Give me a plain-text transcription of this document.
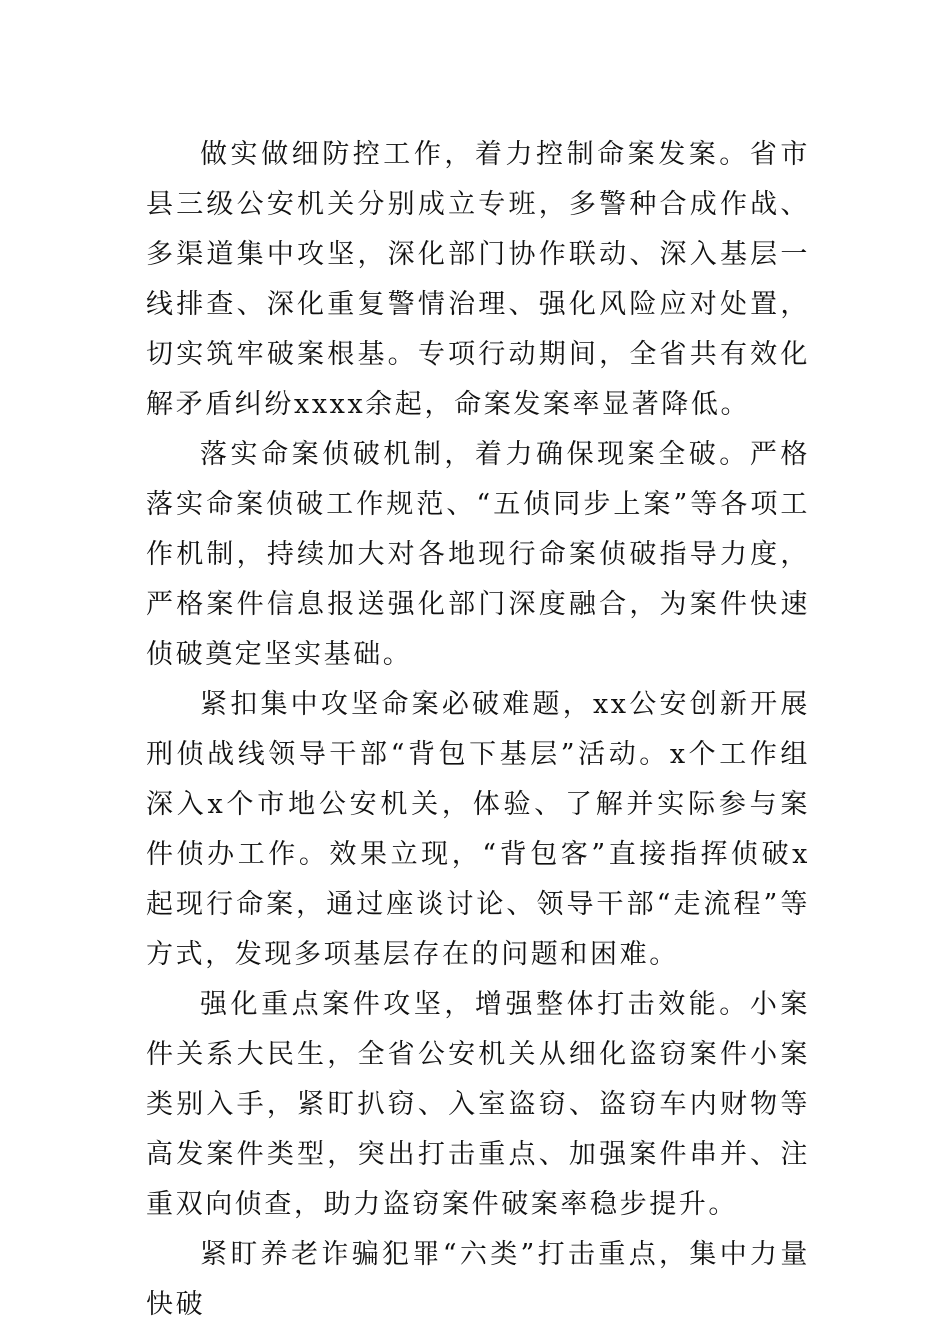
做实做细防控工作，着力控制命案发案。省市县三级公安机关分别成立专班，多警种合成作战、多渠道集中攻坚，深化部门协作联动、深入基层一线排查、深化重复警情治理、强化风险应对处置，切实筑牢破案根基。专项行动期间，全省共有效化解矛盾纠纷xxxx余起，命案发案率显著降低。

落实命案侦破机制，着力确保现案全破。严格落实命案侦破工作规范、“五侦同步上案”等各项工作机制，持续加大对各地现行命案侦破指导力度，严格案件信息报送强化部门深度融合，为案件快速侦破奠定坚实基础。

紧扣集中攻坚命案必破难题，xx公安创新开展刑侦战线领导干部“背包下基层”活动。x个工作组深入x个市地公安机关，体验、了解并实际参与案件侦办工作。效果立现，“背包客”直接指挥侦破x起现行命案，通过座谈讨论、领导干部“走流程”等方式，发现多项基层存在的问题和困难。

强化重点案件攻坚，增强整体打击效能。小案件关系大民生，全省公安机关从细化盗窃案件小案类别入手，紧盯扒窃、入室盗窃、盗窃车内财物等高发案件类型，突出打击重点、加强案件串并、注重双向侦查，助力盗窃案件破案率稳步提升。

紧盯养老诈骗犯罪“六类”打击重点，集中力量快破
